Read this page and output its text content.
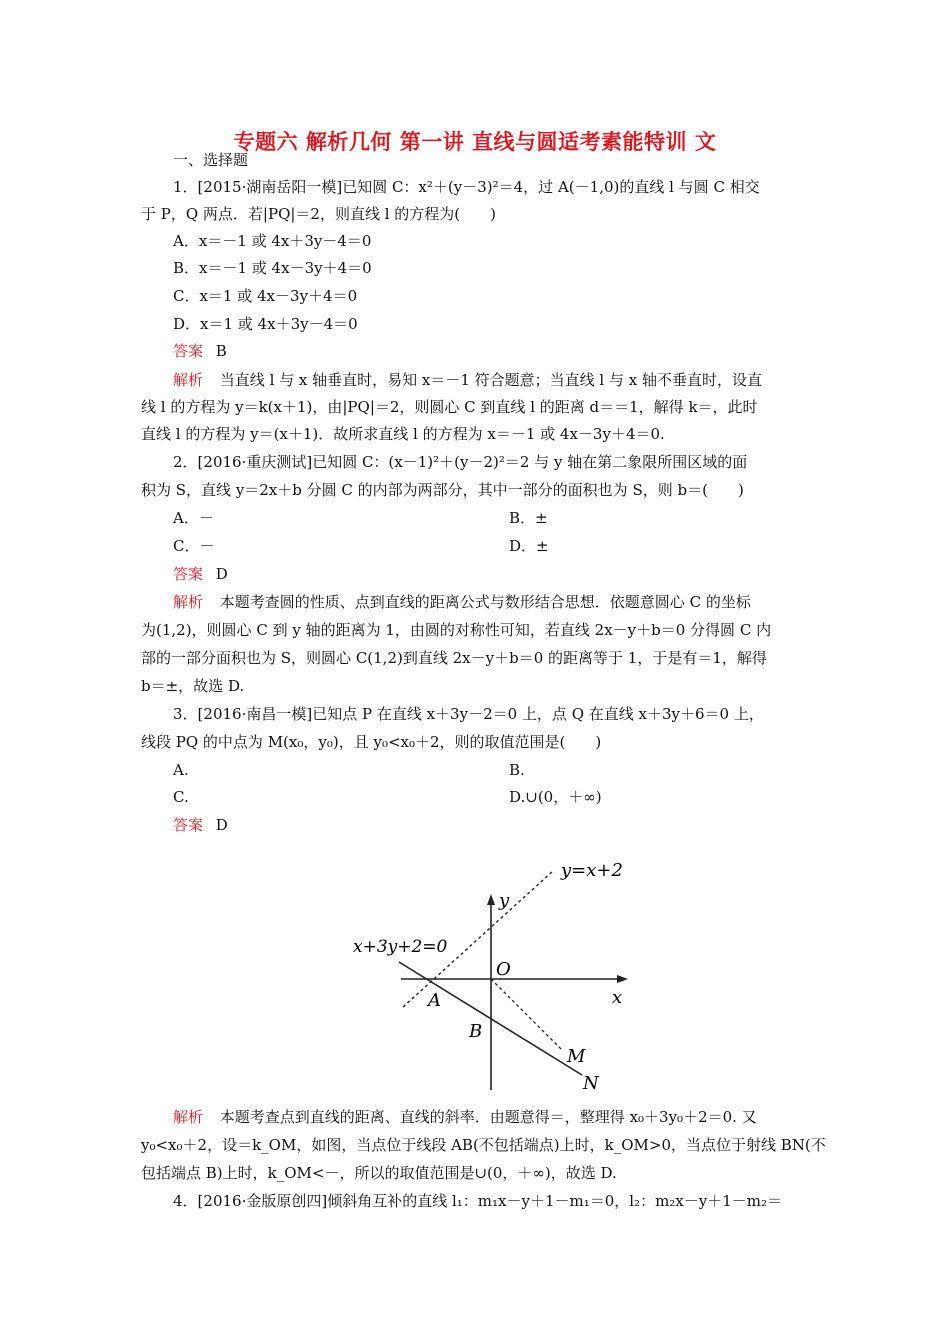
专题六 解析几何 第一讲 直线与圆适考素能特训 文
一、选择题
1．[2015·湖南岳阳一模]已知圆 C：x²＋(y－3)²＝4，过 A(－1,0)的直线 l 与圆 C 相交
于 P，Q 两点．若|PQ|＝2，则直线 l 的方程为(　　)
A．x＝－1 或 4x＋3y－4＝0
B．x＝－1 或 4x－3y＋4＝0
C．x＝1 或 4x－3y＋4＝0
D．x＝1 或 4x＋3y－4＝0
答案 B
解析 当直线 l 与 x 轴垂直时，易知 x＝－1 符合题意；当直线 l 与 x 轴不垂直时，设直
线 l 的方程为 y＝k(x＋1)，由|PQ|＝2，则圆心 C 到直线 l 的距离 d＝＝1，解得 k＝，此时
直线 l 的方程为 y＝(x＋1)．故所求直线 l 的方程为 x＝－1 或 4x－3y＋4＝0.
2．[2016·重庆测试]已知圆 C：(x－1)²＋(y－2)²＝2 与 y 轴在第二象限所围区域的面
积为 S，直线 y＝2x＋b 分圆 C 的内部为两部分，其中一部分的面积也为 S，则 b＝(　　)
A．－	B．±
C．－	D．±
答案 D
解析 本题考查圆的性质、点到直线的距离公式与数形结合思想．依题意圆心 C 的坐标
为(1,2)，则圆心 C 到 y 轴的距离为 1，由圆的对称性可知，若直线 2x－y＋b＝0 分得圆 C 内
部的一部分面积也为 S，则圆心 C(1,2)到直线 2x－y＋b＝0 的距离等于 1，于是有＝1，解得
b＝±，故选 D.
3．[2016·南昌一模]已知点 P 在直线 x＋3y－2＝0 上，点 Q 在直线 x＋3y＋6＝0 上，
线段 PQ 的中点为 M(x₀，y₀)，且 y₀<x₀＋2，则的取值范围是(　　)
A.	B.
C.	D.∪(0，＋∞)
答案 D
y=x+2
x+3y+2=0
y
x
O
A
B
M
N
解析 本题考查点到直线的距离、直线的斜率．由题意得＝，整理得 x₀＋3y₀＋2＝0. 又
y₀<x₀＋2，设＝k_OM，如图，当点位于线段 AB(不包括端点)上时，k_OM>0，当点位于射线 BN(不
包括端点 B)上时，k_OM<－，所以的取值范围是∪(0，＋∞)，故选 D.
4．[2016·金版原创四]倾斜角互补的直线 l₁：m₁x－y＋1－m₁＝0，l₂：m₂x－y＋1－m₂＝
